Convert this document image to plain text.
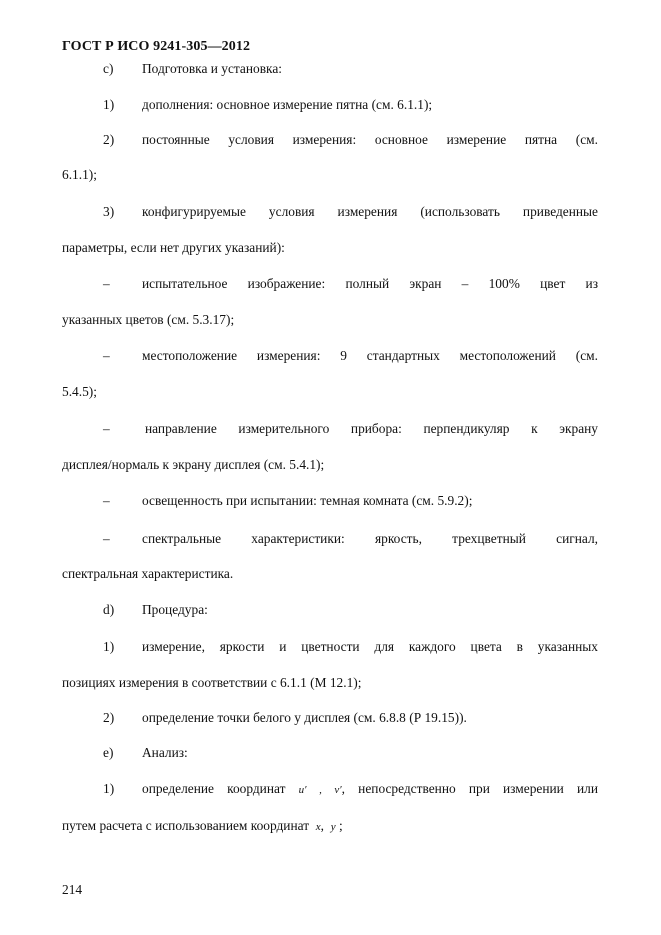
ГОСТ Р ИСО 9241-305—2012
c) Подготовка и установка:
1) дополнения: основное измерение пятна (см. 6.1.1);
2) постоянные условия измерения: основное измерение пятна (см.
6.1.1);
3) конфигурируемые условия измерения (использовать приведенные
параметры, если нет других указаний):
– испытательное изображение: полный экран – 100% цвет из
указанных цветов (см. 5.3.17);
– местоположение измерения: 9 стандартных местоположений (см.
5.4.5);
–	направление измерительного прибора: перпендикуляр к экрану
дисплея/нормаль к экрану дисплея (см. 5.4.1);
– освещенность при испытании: темная комната (см. 5.9.2);
– спектральные характеристики: яркость, трехцветный сигнал,
спектральная характеристика.
d) Процедура:
1) измерение, яркости и цветности для каждого цвета в указанных
позициях измерения в соответствии с 6.1.1 (М 12.1);
2) определение точки белого у дисплея (см. 6.8.8 (Р 19.15)).
e) Анализ:
1) определение координат u′ , v′, непосредственно при измерении или
путем расчета с использованием координат x, y ;
214
